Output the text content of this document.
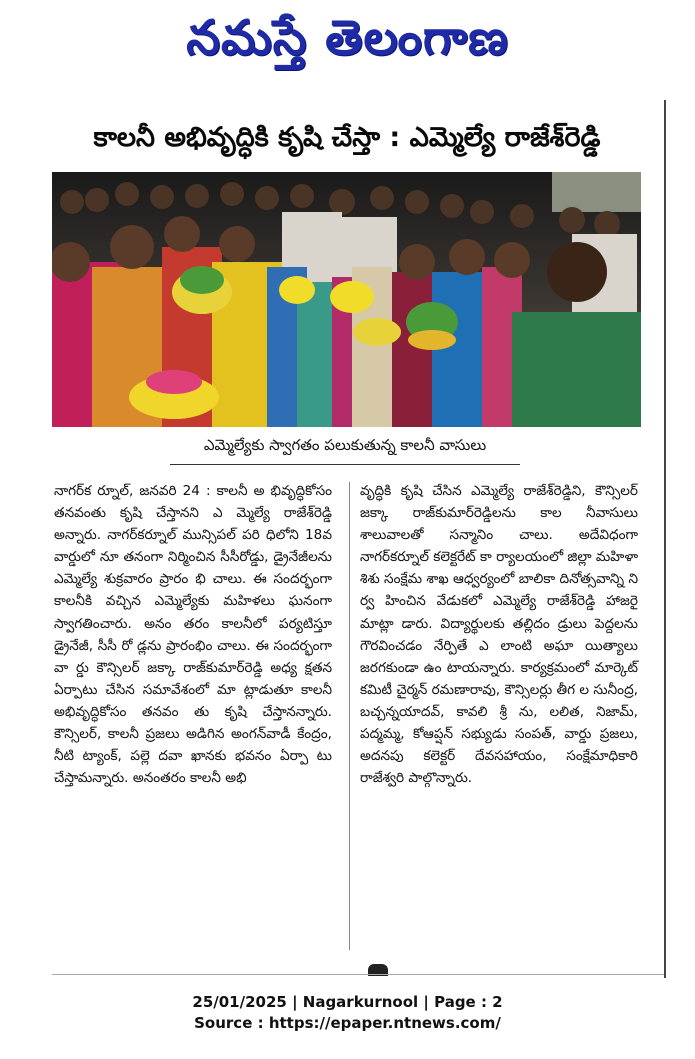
నమస్తే తెలంగాణ
కాలనీ అభివృద్ధికి కృషి చేస్తా : ఎమ్మెల్యే రాజేశ్‌రెడ్డి
ఎమ్మెల్యేకు స్వాగతం పలుకుతున్న కాలనీ వాసులు
నాగర్‌క ర్నూల్, జనవరి 24 : కాలనీ అ భివృద్ధికోసం తనవంతు కృషి చేస్తానని ఎ మ్మెల్యే రాజేశ్‌రెడ్డి అన్నారు. నాగర్‌కర్నూల్ మున్సిపల్ పరి ధిలోని 18వ వార్డులో నూ తనంగా నిర్మించిన సీసీరోడ్డు, డ్రైనేజీలను ఎమ్మెల్యే శుక్రవారం ప్రారం భి చాలు. ఈ సందర్భంగా కాలనీకి వచ్చిన ఎమ్మెల్యేకు మహిళలు ఘనంగా స్వాగతించారు. అనం తరం కాలనీలో పర్యటిస్తూ డ్రైనేజీ, సీసీ రో డ్లను ప్రారంభిం చాలు. ఈ సందర్భంగా వా ర్డు కౌన్సిలర్ జక్కా రాజ్‌కుమార్‌రెడ్డి అధ్య క్షతన ఏర్పాటు చేసిన సమావేశంలో మా ట్లాడుతూ కాలనీ అభివృద్ధికోసం తనవం తు కృషి చేస్తానన్నారు. కౌన్సిలర్, కాలనీ ప్రజలు అడిగిన అంగన్‌వాడీ కేంద్రం, నీటి ట్యాంక్, పల్లె దవా ఖానకు భవనం ఏర్పా టు చేస్తామన్నారు. అనంతరం కాలనీ అభి
వృద్ధికి కృషి చేసిన ఎమ్మెల్యే రాజేశ్‌రెడ్డిని, కౌన్సిలర్ జక్కా రాజ్‌కుమార్‌రెడ్డిలను కాల నీవాసులు శాలువాలతో సన్మానిం చాలు. అదేవిధంగా నాగర్‌కర్నూల్ కలెక్టరేట్ కా ర్యాలయంలో జిల్లా మహిళా శిశు సంక్షేమ శాఖ ఆధ్వర్యంలో బాలికా దినోత్సవాన్ని ని ర్వ హించిన వేడుకలో ఎమ్మెల్యే రాజేశ్‌రెడ్డి హాజరై మాట్లా డారు. విద్యార్థులకు తల్లిదం డ్రులు పెద్దలను గౌరవించడం నేర్పితే ఎ లాంటి అఘా యిత్యాలు జరగకుండా ఉం టాయన్నారు. కార్యక్రమంలో మార్కెట్ కమిటీ చైర్మన్ రమణారావు, కౌన్సిలర్లు తీగ ల సునీంద్ర, బచ్చన్నయాదవ్, కావలి శ్రీ ను, లలిత, నిజామ్, పద్మమ్మ, కోఆప్షన్ సభ్యుడు సంపత్, వార్డు ప్రజలు, అదనపు కలెక్టర్ దేవసహాయం, సంక్షేమాధికారి రాజేశ్వరి పాల్గొన్నారు.
25/01/2025 | Nagarkurnool | Page : 2
Source : https://epaper.ntnews.com/
